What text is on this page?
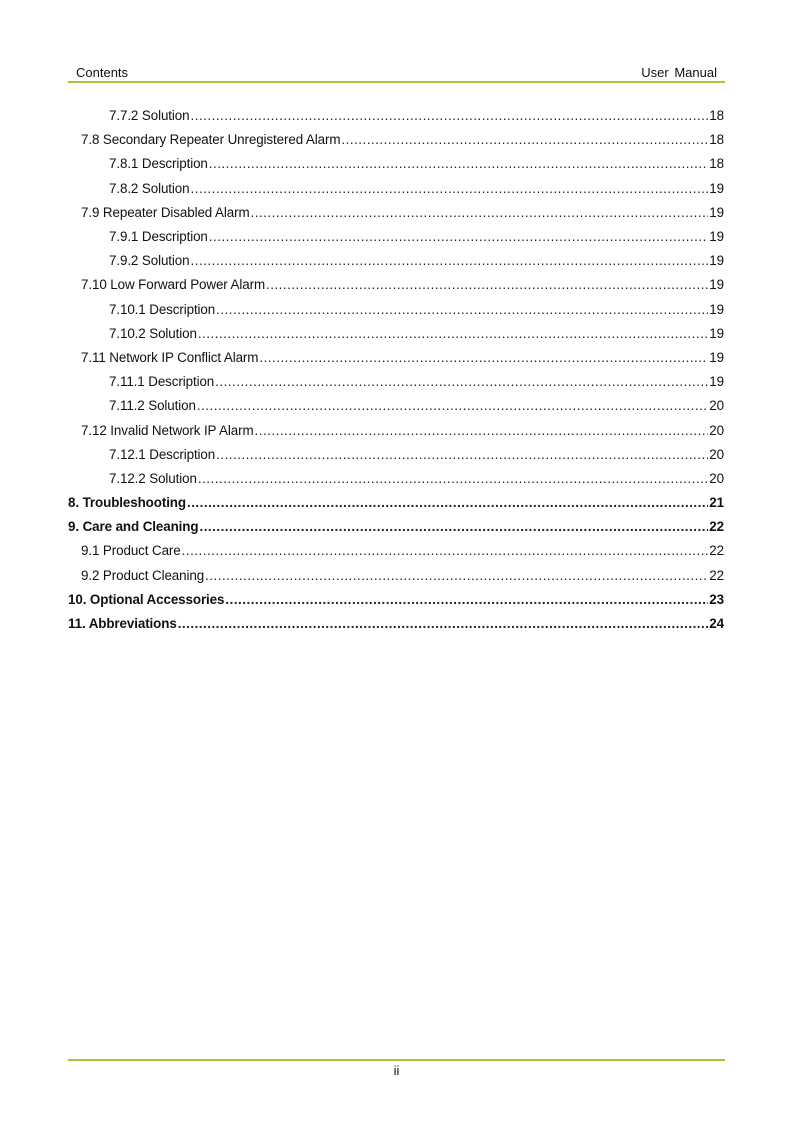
Contents	User Manual
7.7.2 Solution .....	18
7.8 Secondary Repeater Unregistered Alarm .....	18
7.8.1 Description .....	18
7.8.2 Solution .....	19
7.9 Repeater Disabled Alarm .....	19
7.9.1 Description .....	19
7.9.2 Solution .....	19
7.10 Low Forward Power Alarm .....	19
7.10.1 Description .....	19
7.10.2 Solution .....	19
7.11 Network IP Conflict Alarm .....	19
7.11.1 Description .....	19
7.11.2 Solution .....	20
7.12 Invalid Network IP Alarm .....	20
7.12.1 Description .....	20
7.12.2 Solution .....	20
8. Troubleshooting .....	21
9. Care and Cleaning .....	22
9.1 Product Care .....	22
9.2 Product Cleaning .....	22
10. Optional Accessories .....	23
11. Abbreviations .....	24
ii
